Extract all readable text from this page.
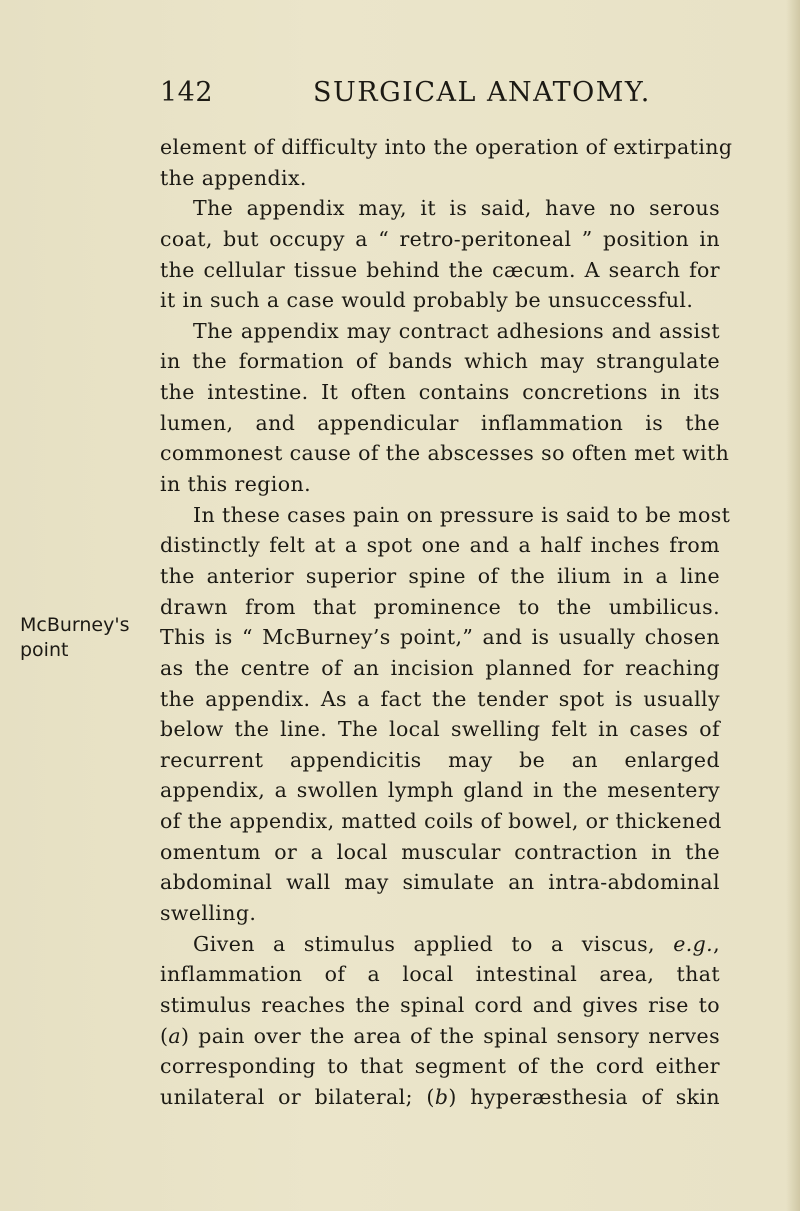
142	SURGICAL ANATOMY.
McBurney's
point
element of difficulty into the operation of extirpating
the appendix.
The appendix may, it is said, have no serous
coat, but occupy a “ retro-peritoneal ” position in
the cellular tissue behind the cæcum. A search for
it in such a case would probably be unsuccessful.
The appendix may contract adhesions and assist
in the formation of bands which may strangulate
the intestine. It often contains concretions in its
lumen, and appendicular inflammation is the
commonest cause of the abscesses so often met with
in this region.
In these cases pain on pressure is said to be most
distinctly felt at a spot one and a half inches from
the anterior superior spine of the ilium in a line
drawn from that prominence to the umbilicus.
This is “ McBurney’s point,” and is usually chosen
as the centre of an incision planned for reaching
the appendix. As a fact the tender spot is usually
below the line. The local swelling felt in cases of
recurrent appendicitis may be an enlarged
appendix, a swollen lymph gland in the mesentery
of the appendix, matted coils of bowel, or thickened
omentum or a local muscular contraction in the
abdominal wall may simulate an intra-abdominal
swelling.
Given a stimulus applied to a viscus, e.g.,
inflammation of a local intestinal area, that
stimulus reaches the spinal cord and gives rise to
(a) pain over the area of the spinal sensory nerves
corresponding to that segment of the cord either
unilateral or bilateral; (b) hyperæsthesia of skin
